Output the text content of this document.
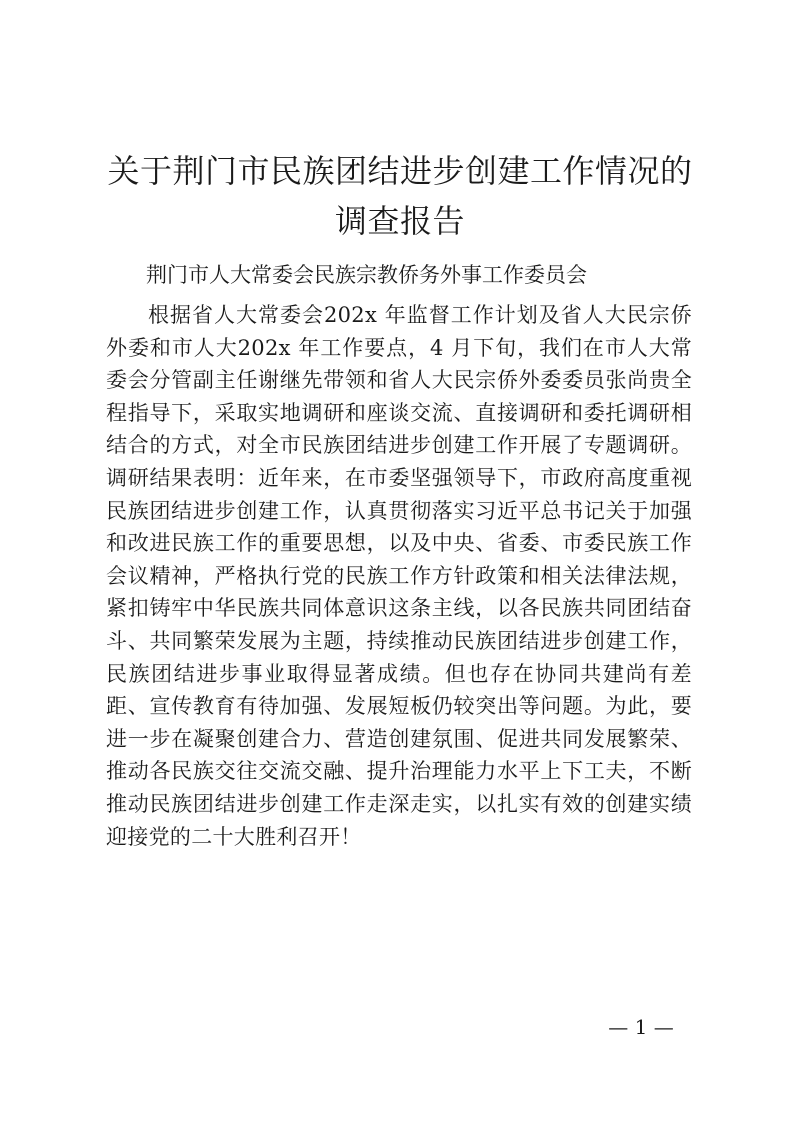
关于荆门市民族团结进步创建工作情况的调查报告

荆门市人大常委会民族宗教侨务外事工作委员会

根据省人大常委会202x 年监督工作计划及省人大民宗侨外委和市人大202x 年工作要点，4 月下旬，我们在市人大常委会分管副主任谢继先带领和省人大民宗侨外委委员张尚贵全程指导下，采取实地调研和座谈交流、直接调研和委托调研相结合的方式，对全市民族团结进步创建工作开展了专题调研。调研结果表明：近年来，在市委坚强领导下，市政府高度重视民族团结进步创建工作，认真贯彻落实习近平总书记关于加强和改进民族工作的重要思想，以及中央、省委、市委民族工作会议精神，严格执行党的民族工作方针政策和相关法律法规，紧扣铸牢中华民族共同体意识这条主线，以各民族共同团结奋斗、共同繁荣发展为主题，持续推动民族团结进步创建工作，民族团结进步事业取得显著成绩。但也存在协同共建尚有差距、宣传教育有待加强、发展短板仍较突出等问题。为此，要进一步在凝聚创建合力、营造创建氛围、促进共同发展繁荣、推动各民族交往交流交融、提升治理能力水平上下工夫，不断推动民族团结进步创建工作走深走实，以扎实有效的创建实绩迎接党的二十大胜利召开！

— 1 —
